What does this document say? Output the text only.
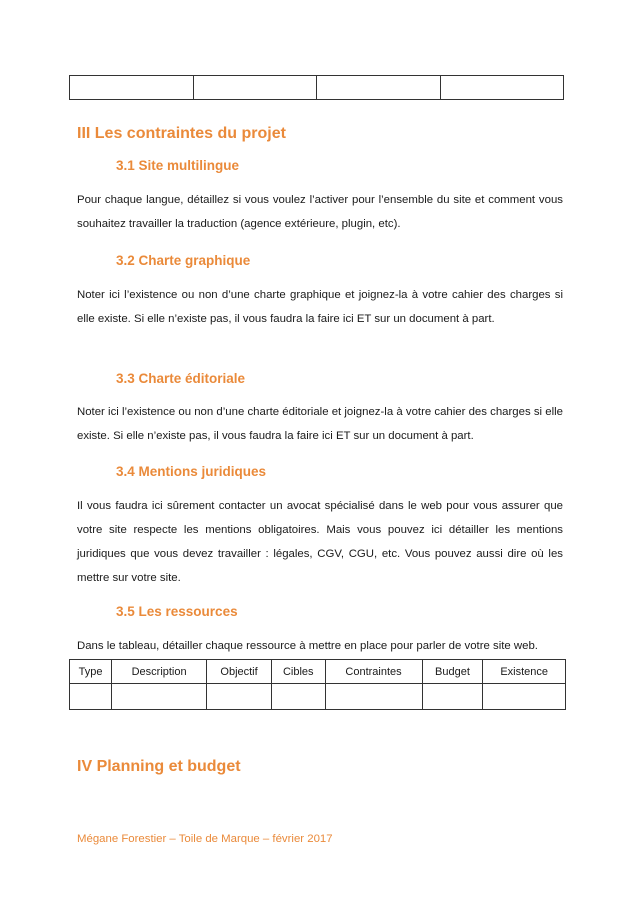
III Les contraintes du projet
3.1 Site multilingue
Pour chaque langue, détaillez si vous voulez l’activer pour l’ensemble du site et comment vous souhaitez travailler la traduction (agence extérieure, plugin, etc).
3.2 Charte graphique
Noter ici l’existence ou non d’une charte graphique et joignez-la à votre cahier des charges si elle existe. Si elle n’existe pas, il vous faudra la faire ici ET sur un document à part.
3.3 Charte éditoriale
Noter ici l’existence ou non d’une charte éditoriale et joignez-la à votre cahier des charges si elle existe. Si elle n’existe pas, il vous faudra la faire ici ET sur un document à part.
3.4 Mentions juridiques
Il vous faudra ici sûrement contacter un avocat spécialisé dans le web pour vous assurer que votre site respecte les mentions obligatoires. Mais vous pouvez ici détailler les mentions juridiques que vous devez travailler : légales, CGV, CGU, etc. Vous pouvez aussi dire où les mettre sur votre site.
3.5 Les ressources
Dans le tableau, détailler chaque ressource à mettre en place pour parler de votre site web.
Type	Description	Objectif	Cibles	Contraintes	Budget	Existence

IV Planning et budget
Mégane Forestier – Toile de Marque – février 2017
